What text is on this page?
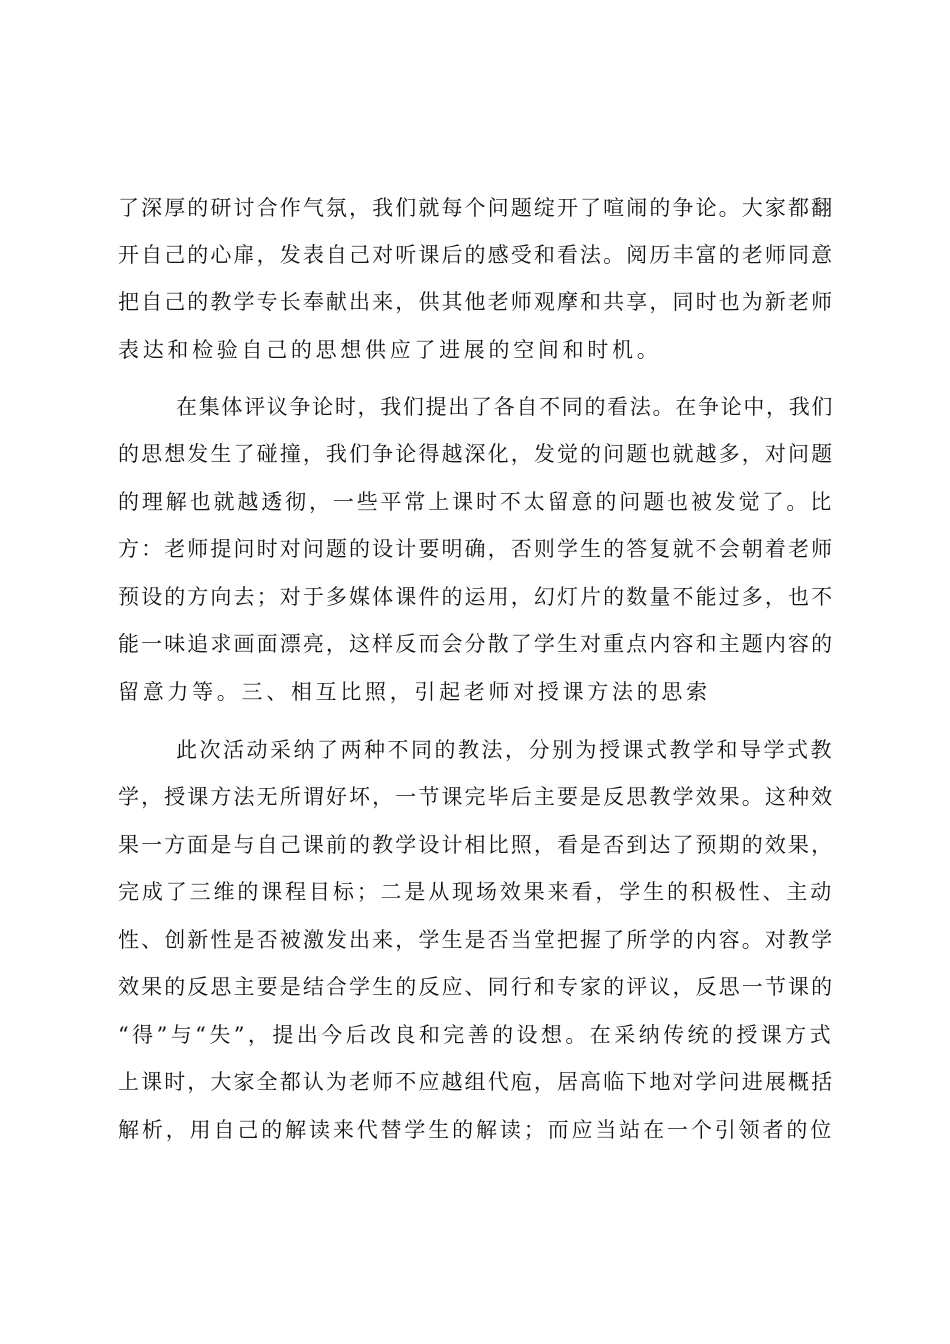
了深厚的研讨合作气氛，我们就每个问题绽开了喧闹的争论。大家都翻
开自己的心扉，发表自己对听课后的感受和看法。阅历丰富的老师同意
把自己的教学专长奉献出来，供其他老师观摩和共享，同时也为新老师
表达和检验自己的思想供应了进展的空间和时机。
在集体评议争论时，我们提出了各自不同的看法。在争论中，我们
的思想发生了碰撞，我们争论得越深化，发觉的问题也就越多，对问题
的理解也就越透彻，一些平常上课时不太留意的问题也被发觉了。比
方：老师提问时对问题的设计要明确，否则学生的答复就不会朝着老师
预设的方向去；对于多媒体课件的运用，幻灯片的数量不能过多，也不
能一味追求画面漂亮，这样反而会分散了学生对重点内容和主题内容的
留意力等。三、相互比照，引起老师对授课方法的思索
此次活动采纳了两种不同的教法，分别为授课式教学和导学式教
学，授课方法无所谓好坏，一节课完毕后主要是反思教学效果。这种效
果一方面是与自己课前的教学设计相比照，看是否到达了预期的效果，
完成了三维的课程目标；二是从现场效果来看，学生的积极性、主动
性、创新性是否被激发出来，学生是否当堂把握了所学的内容。对教学
效果的反思主要是结合学生的反应、同行和专家的评议，反思一节课的
“得”与“失”，提出今后改良和完善的设想。在采纳传统的授课方式
上课时，大家全都认为老师不应越组代庖，居高临下地对学问进展概括
解析，用自己的解读来代替学生的解读；而应当站在一个引领者的位
